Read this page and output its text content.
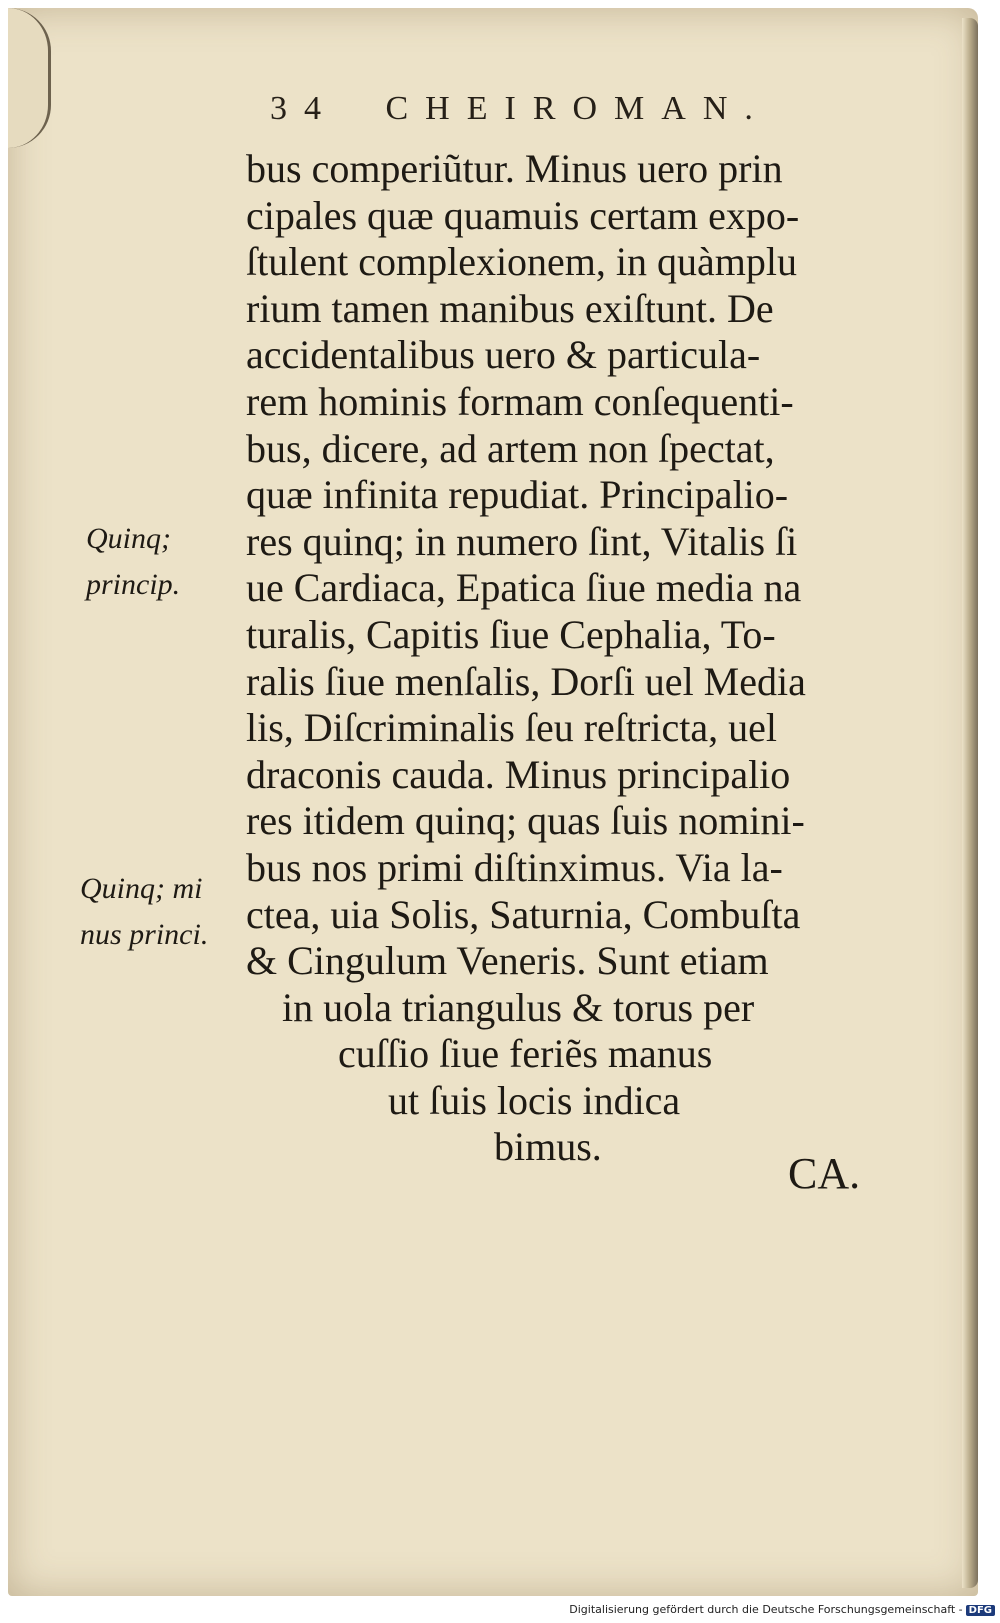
34 CHEIROMAN.
Quinq;
princip.
Quinq; mi
nus princi.
bus comperiũtur. Minus uero prin
cipales quæ quamuis certam expo-
ſtulent complexionem, in quàmplu
rium tamen manibus exiſtunt. De
accidentalibus uero & particula-
rem hominis formam conſequenti-
bus, dicere, ad artem non ſpectat,
quæ infinita repudiat. Principalio-
res quinq; in numero ſint, Vitalis ſi
ue Cardiaca, Epatica ſiue media na
turalis, Capitis ſiue Cephalia, To-
ralis ſiue menſalis, Dorſi uel Media
lis, Diſcriminalis ſeu reſtricta, uel
draconis cauda. Minus principalio
res itidem quinq; quas ſuis nomini-
bus nos primi diſtinximus. Via la-
ctea, uia Solis, Saturnia, Combuſta
& Cingulum Veneris. Sunt etiam
in uola triangulus & torus per
cuſſio ſiue feriẽs manus
ut ſuis locis indica
bimus.
CA.
Digitalisierung gefördert durch die Deutsche Forschungsgemeinschaft - DFG
